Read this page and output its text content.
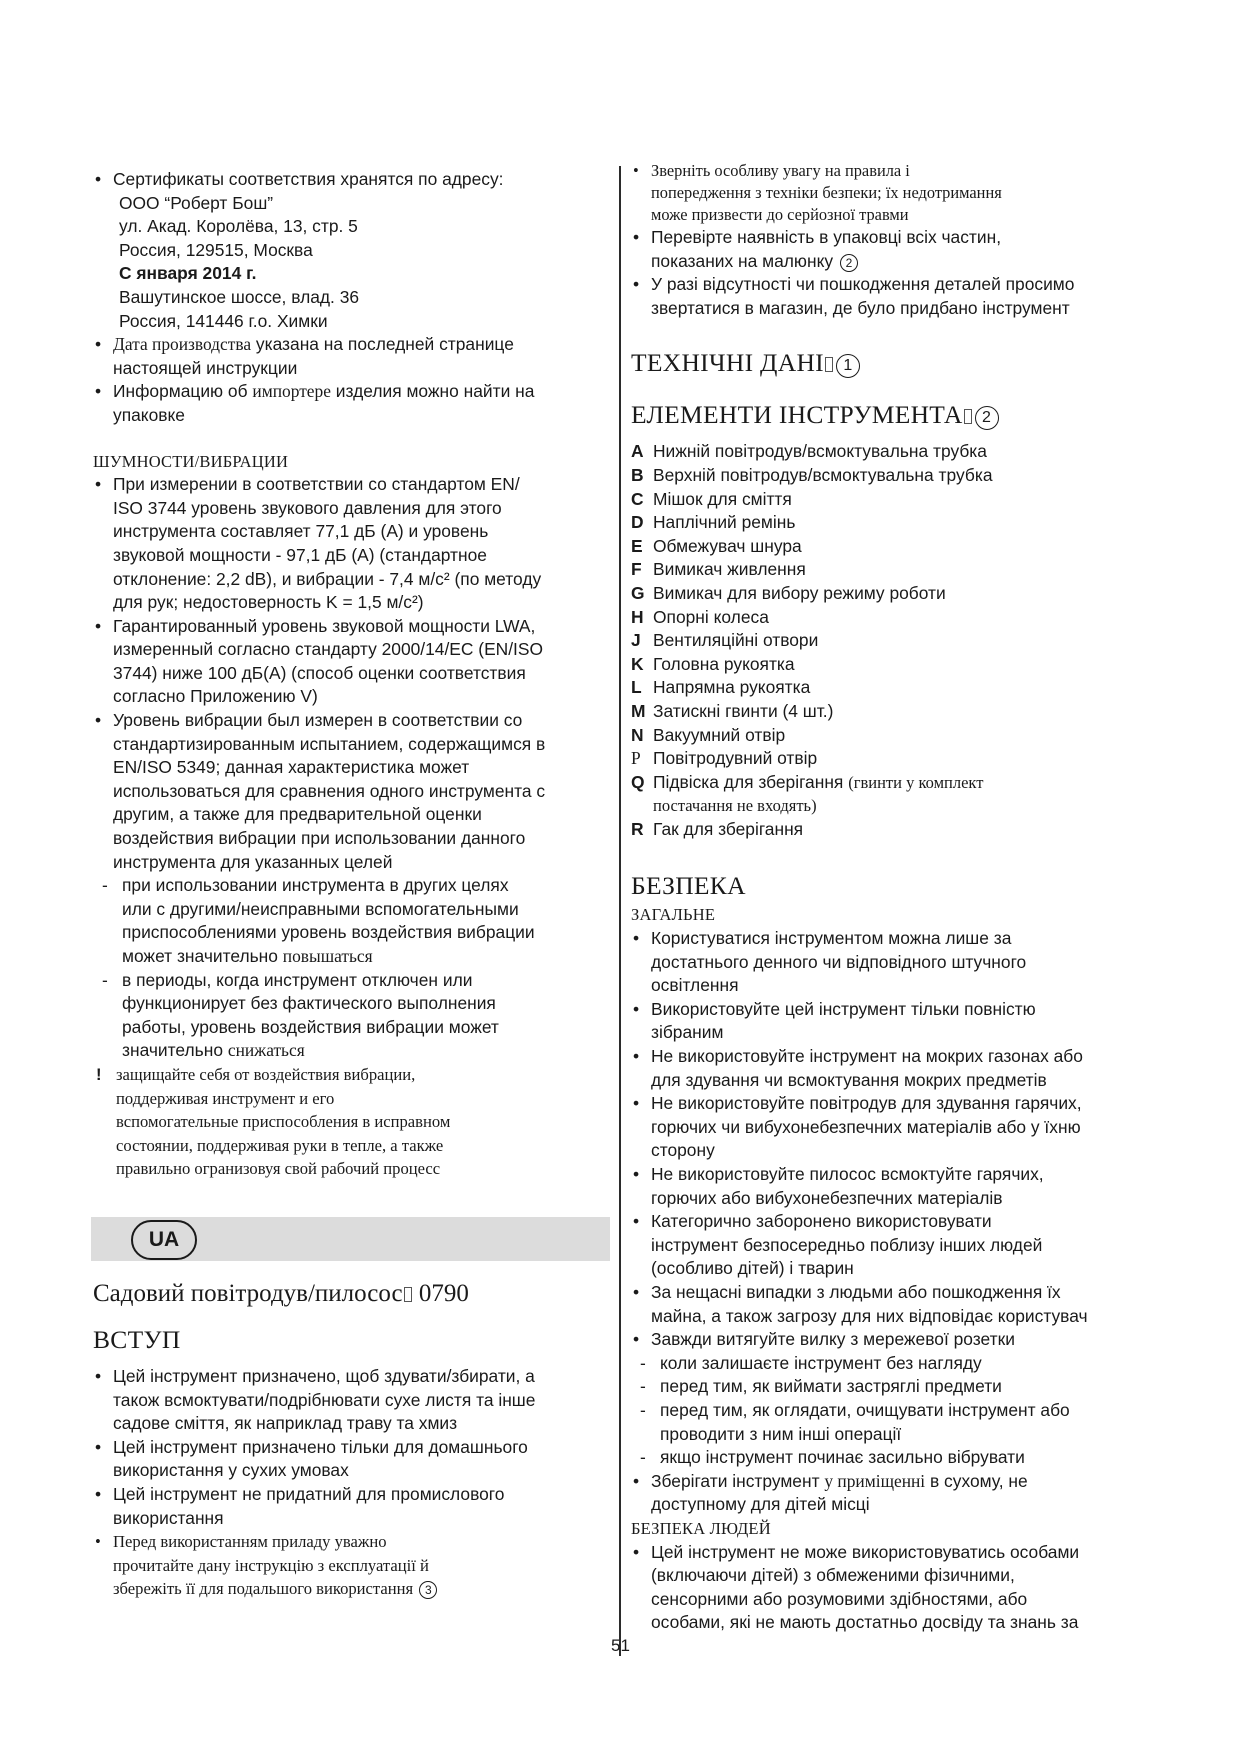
• Сертификаты соответствия хранятся по адресу:
ООО “Роберт Бош”
ул. Акад. Королёва, 13, стр. 5
Россия, 129515, Москва
С января 2014 г.
Вашутинское шоссе, влад. 36
Россия, 141446 г.о. Химки
• Дата производства указана на последней странице
настоящей инструкции
• Информацию об импортере изделия можно найти на
упаковке
ШУМНОСТИ/ВИБРАЦИИ
• При измерении в соответствии со стандартом EN/
ISO 3744 уровень звукового давления для этого
инструмента составляет 77,1 дБ (A) и уровень
звуковой мощности - 97,1 дБ (A) (стандартное
отклонение: 2,2 dB), и вибрации - 7,4 м/с² (по методу
для рук; недостоверность K = 1,5 м/с²)
• Гарантированный уровень звуковой мощности LWA,
измеренный согласно стандарту 2000/14/EC (EN/ISO
3744) ниже 100 дБ(A) (способ оценки соответствия
согласно Приложению V)
• Уровень вибрации был измерен в соответствии со
стандартизированным испытанием, содержащимся в
EN/ISO 5349; данная характеристика может
использоваться для сравнения одного инструмента с
другим, а также для предварительной оценки
воздействия вибрации при использовании данного
инструмента для указанных целей
- при использовании инструмента в других целях
или с другими/неисправными вспомогательными
приспособлениями уровень воздействия вибрации
может значительно повышаться
- в периоды, когда инструмент отключен или
функционирует без фактического выполнения
работы, уровень воздействия вибрации может
значительно снижаться
! защищайте себя от воздействия вибрации,
поддерживая инструмент и его
вспомогательные приспособления в исправном
состоянии, поддерживая руки в тепле, а также
правильно огранизовуя свой рабочий процесс
UA
Садовий повітродув/пилосос 0790
ВСТУП
• Цей інструмент призначено, щоб здувати/збирати, а
також всмоктувати/подрібнювати сухе листя та інше
садове сміття, як наприклад траву та хмиз
• Цей інструмент призначено тільки для домашнього
використання у сухих умовах
• Цей інструмент не придатний для промислового
використання
• Перед використанням приладу уважно
прочитайте дану інструкцію з експлуатації й
збережіть її для подальшого використання 3
• Зверніть особливу увагу на правила і
попередження з техніки безпеки; їх недотримання
може призвести до серйозної травми
• Перевірте наявність в упаковці всіх частин,
показаних на малюнку 2
• У разі відсутності чи пошкодження деталей просимо
звертатися в магазин, де було придбано інструмент
ТЕХНІЧНІ ДАНІ 1
ЕЛЕМЕНТИ ІНСТРУМЕНТА 2
A Нижній повітродув/всмоктувальна трубка
B Верхній повітродув/всмоктувальна трубка
C Мішок для сміття
D Наплічний ремінь
E Обмежувач шнура
F Вимикач живлення
G Вимикач для вибору режиму роботи
H Опорні колеса
J Вентиляційні отвори
K Головна рукоятка
L Напрямна рукоятка
M Затискні гвинти (4 шт.)
N Вакуумний отвір
P Повітродувний отвір
Q Підвіска для зберігання (гвинти у комплект
постачання не входять)
R Гак для зберігання
БЕЗПЕКА
ЗАГАЛЬНЕ
• Користуватися інструментом можна лише за
достатнього денного чи відповідного штучного
освітлення
• Використовуйте цей інструмент тільки повністю
зібраним
• Не використовуйте інструмент на мокрих газонах або
для здування чи всмоктування мокрих предметів
• Не використовуйте повітродув для здування гарячих,
горючих чи вибухонебезпечних матеріалів або у їхню
сторону
• Не використовуйте пилосос всмоктуйте гарячих,
горючих або вибухонебезпечних матеріалів
• Категорично заборонено використовувати
інструмент безпосередньо поблизу інших людей
(особливо дітей) і тварин
• За нещасні випадки з людьми або пошкодження їх
майна, а також загрозу для них відповідає користувач
• Завжди витягуйте вилку з мережевої розетки
- коли залишаєте інструмент без нагляду
- перед тим, як виймати застряглі предмети
- перед тим, як оглядати, очищувати інструмент або
проводити з ним інші операції
- якщо інструмент починає засильно вібрувати
• Зберігати інструмент у приміщенні в сухому, не
доступному для дітей місці
БЕЗПЕКА ЛЮДЕЙ
• Цей інструмент не може використовуватись особами
(включаючи дітей) з обмеженими фізичними,
сенсорними або розумовими здібностями, або
особами, які не мають достатньо досвіду та знань за
51
